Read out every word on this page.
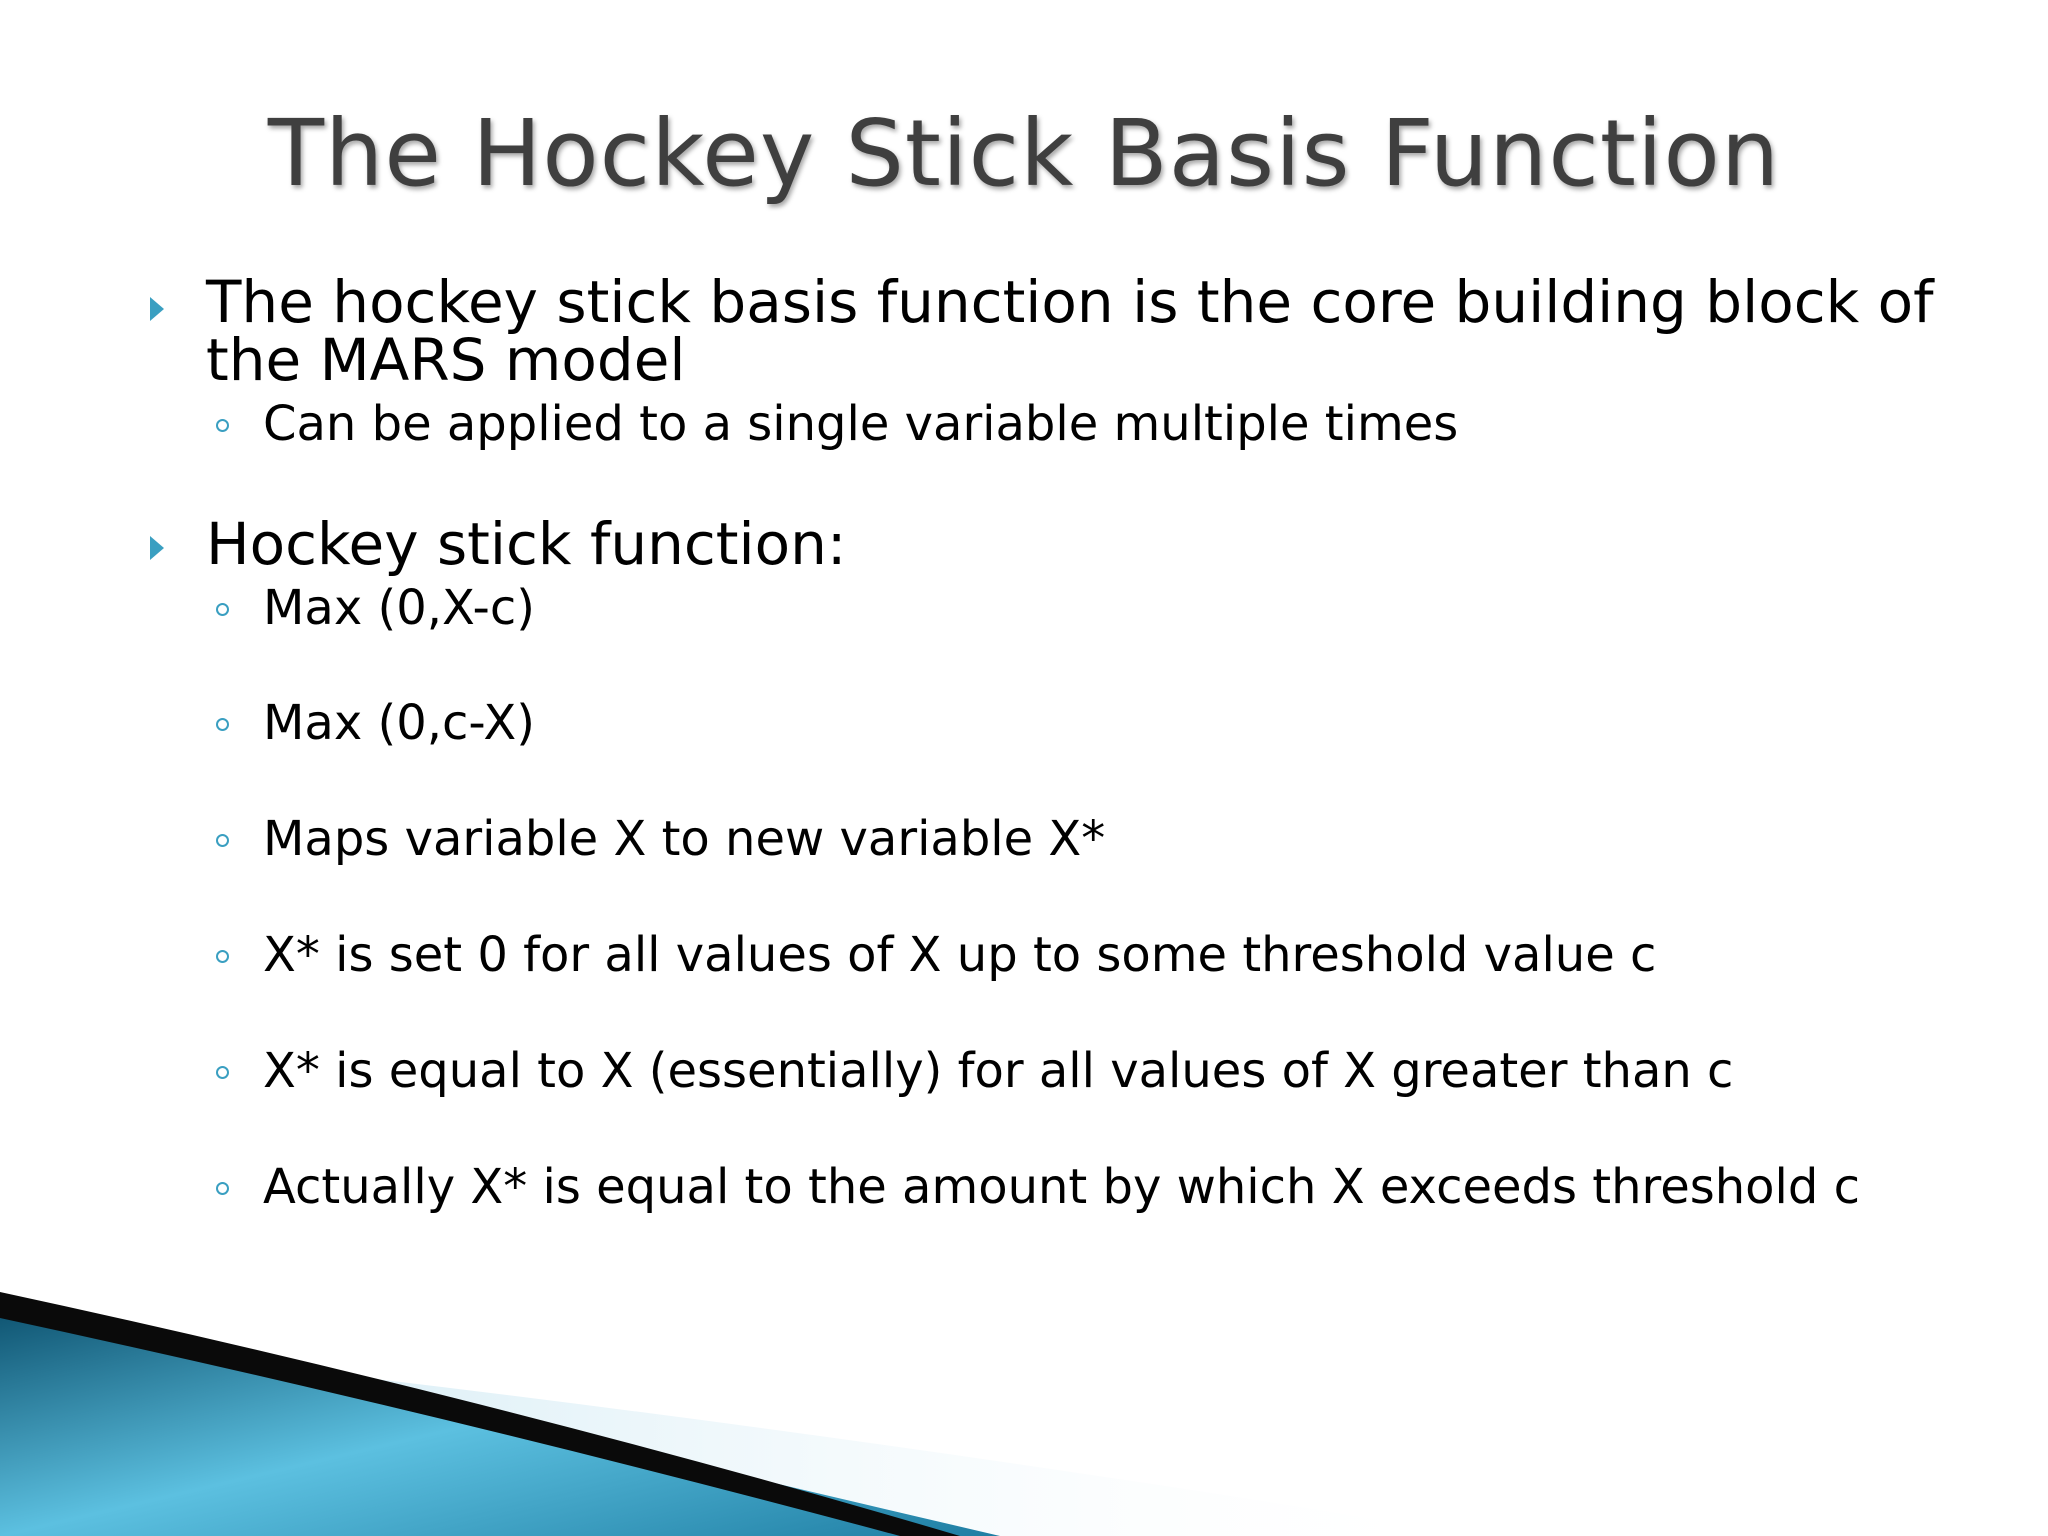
The Hockey Stick Basis Function
The hockey stick basis function is the core building block of the MARS model
Can be applied to a single variable multiple times
Hockey stick function:
Max (0,X-c)
Max (0,c-X)
Maps variable X to new variable X*
X* is set 0 for all values of X up to some threshold value c
X* is equal to X (essentially) for all values of X greater than c
Actually X* is equal to the amount by which X exceeds threshold c
